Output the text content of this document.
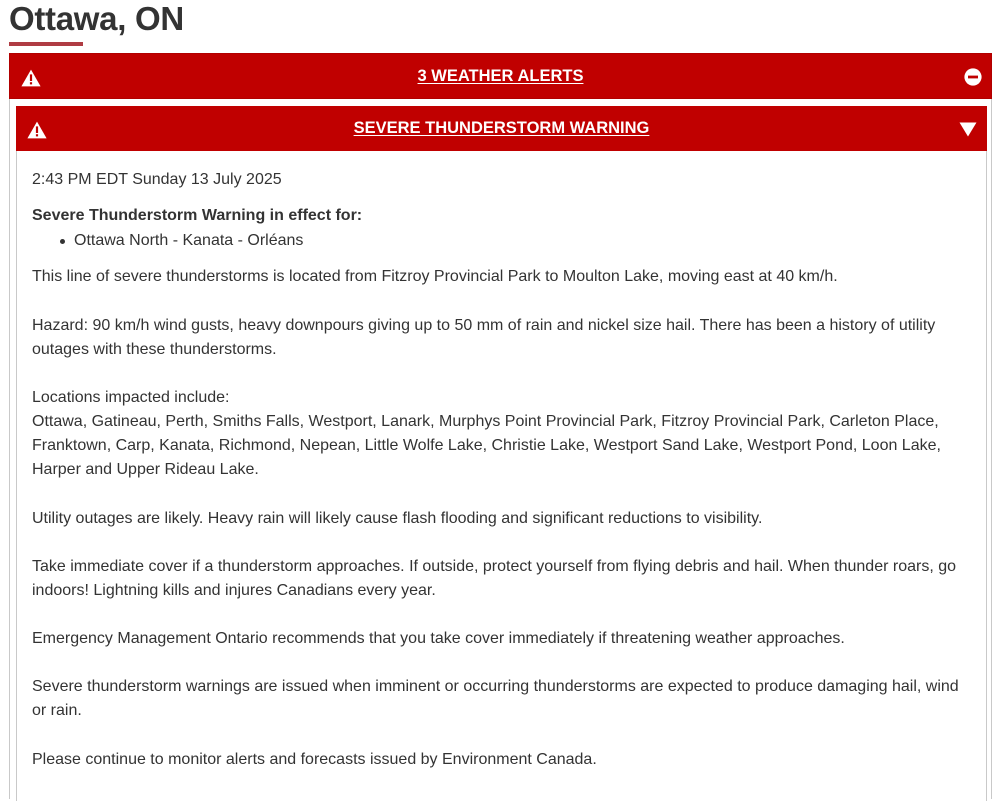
Ottawa, ON
3 WEATHER ALERTS
SEVERE THUNDERSTORM WARNING
2:43 PM EDT Sunday 13 July 2025
Severe Thunderstorm Warning in effect for:
Ottawa North - Kanata - Orléans
This line of severe thunderstorms is located from Fitzroy Provincial Park to Moulton Lake, moving east at 40 km/h.
Hazard: 90 km/h wind gusts, heavy downpours giving up to 50 mm of rain and nickel size hail. There has been a history of utility outages with these thunderstorms.
Locations impacted include:
Ottawa, Gatineau, Perth, Smiths Falls, Westport, Lanark, Murphys Point Provincial Park, Fitzroy Provincial Park, Carleton Place, Franktown, Carp, Kanata, Richmond, Nepean, Little Wolfe Lake, Christie Lake, Westport Sand Lake, Westport Pond, Loon Lake, Harper and Upper Rideau Lake.
Utility outages are likely. Heavy rain will likely cause flash flooding and significant reductions to visibility.
Take immediate cover if a thunderstorm approaches. If outside, protect yourself from flying debris and hail. When thunder roars, go indoors! Lightning kills and injures Canadians every year.
Emergency Management Ontario recommends that you take cover immediately if threatening weather approaches.
Severe thunderstorm warnings are issued when imminent or occurring thunderstorms are expected to produce damaging hail, wind or rain.
Please continue to monitor alerts and forecasts issued by Environment Canada.
